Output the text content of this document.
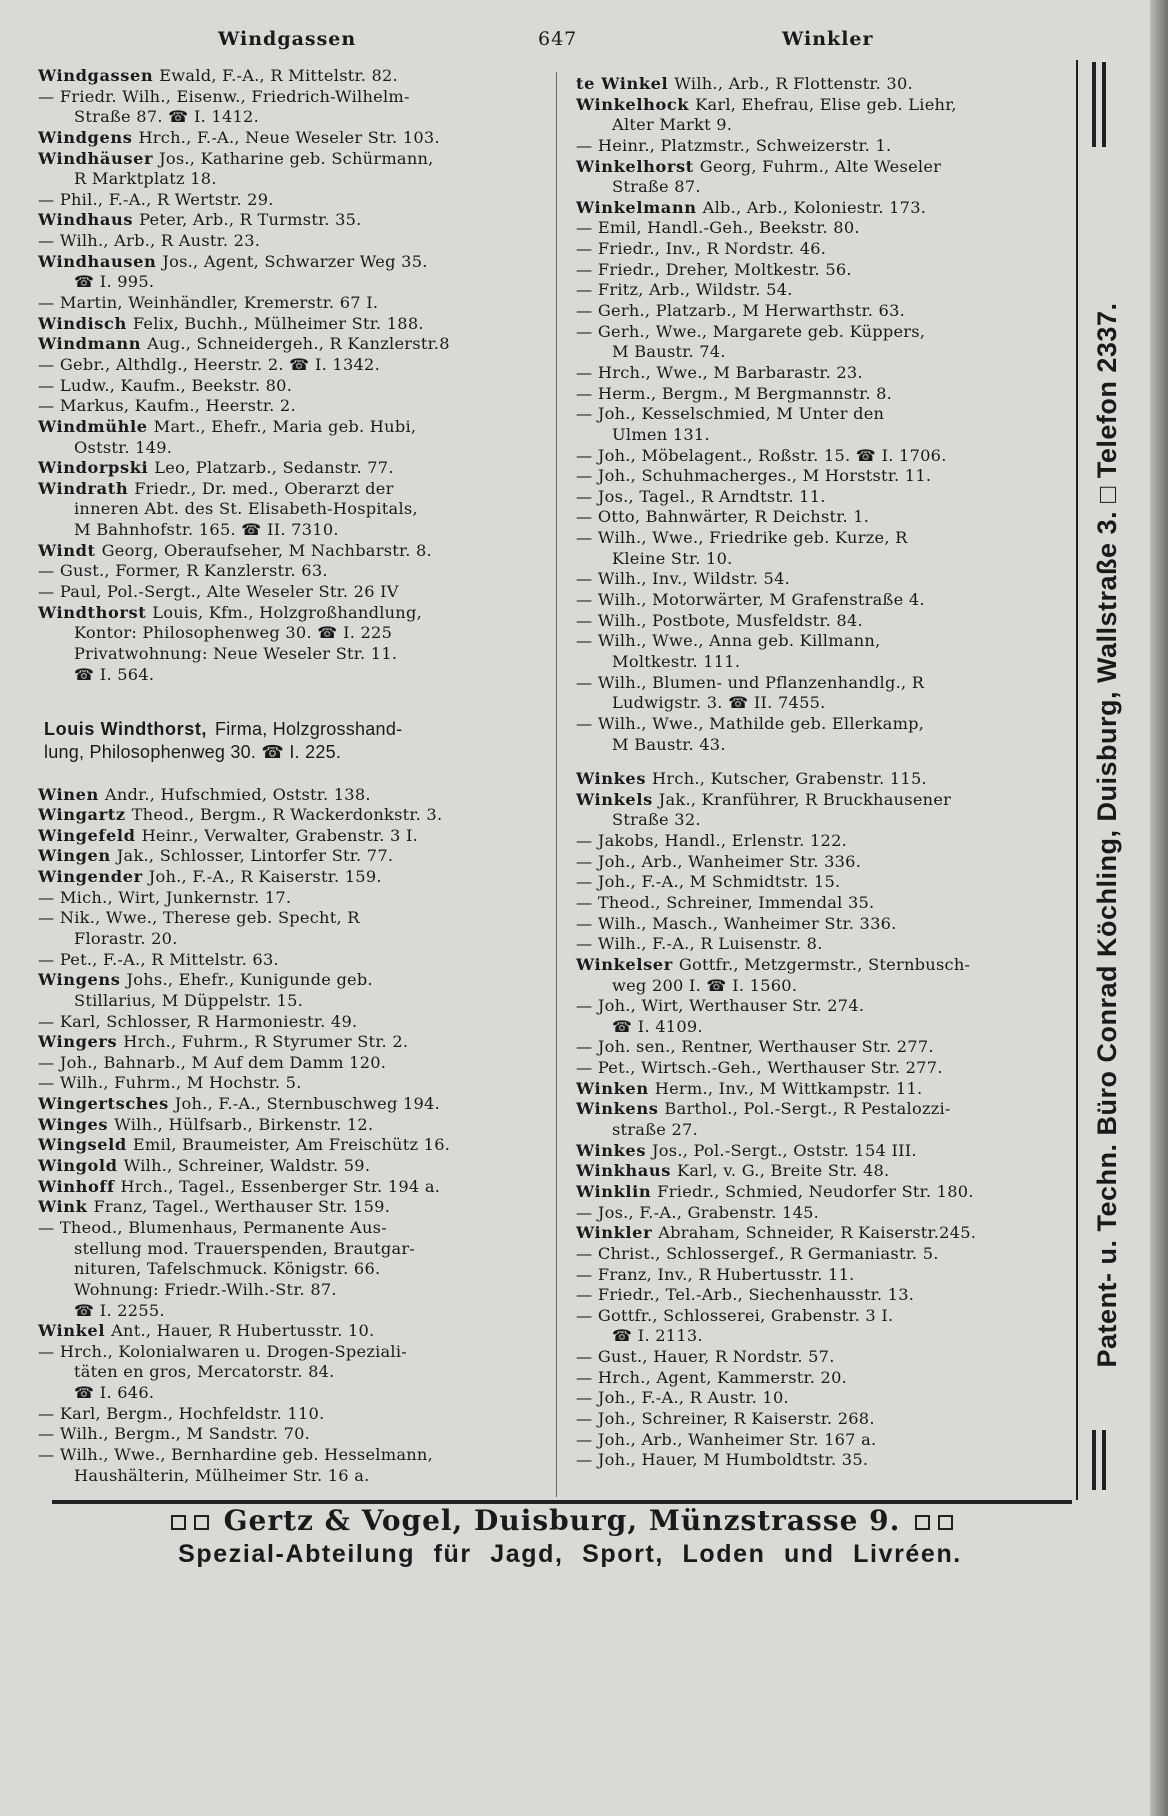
Windgassen	647	Winkler
Windgassen Ewald, F.-A., R Mittelstr. 82.
— Friedr. Wilh., Eisenw., Friedrich-Wilhelm-
Straße 87. ☎ I. 1412.
Windgens Hrch., F.-A., Neue Weseler Str. 103.
Windhäuser Jos., Katharine geb. Schürmann,
R Marktplatz 18.
— Phil., F.-A., R Wertstr. 29.
Windhaus Peter, Arb., R Turmstr. 35.
— Wilh., Arb., R Austr. 23.
Windhausen Jos., Agent, Schwarzer Weg 35.
☎ I. 995.
— Martin, Weinhändler, Kremerstr. 67 I.
Windisch Felix, Buchh., Mülheimer Str. 188.
Windmann Aug., Schneidergeh., R Kanzlerstr.8
— Gebr., Althdlg., Heerstr. 2. ☎ I. 1342.
— Ludw., Kaufm., Beekstr. 80.
— Markus, Kaufm., Heerstr. 2.
Windmühle Mart., Ehefr., Maria geb. Hubi,
Oststr. 149.
Windorpski Leo, Platzarb., Sedanstr. 77.
Windrath Friedr., Dr. med., Oberarzt der
inneren Abt. des St. Elisabeth-Hospitals,
M Bahnhofstr. 165. ☎ II. 7310.
Windt Georg, Oberaufseher, M Nachbarstr. 8.
— Gust., Former, R Kanzlerstr. 63.
— Paul, Pol.-Sergt., Alte Weseler Str. 26 IV
Windthorst Louis, Kfm., Holzgroßhandlung,
Kontor: Philosophenweg 30. ☎ I. 225
Privatwohnung: Neue Weseler Str. 11.
☎ I. 564.
Louis Windthorst, Firma, Holzgrosshand-
lung, Philosophenweg 30. ☎ I. 225.
Winen Andr., Hufschmied, Oststr. 138.
Wingartz Theod., Bergm., R Wackerdonkstr. 3.
Wingefeld Heinr., Verwalter, Grabenstr. 3 I.
Wingen Jak., Schlosser, Lintorfer Str. 77.
Wingender Joh., F.-A., R Kaiserstr. 159.
— Mich., Wirt, Junkernstr. 17.
— Nik., Wwe., Therese geb. Specht, R
Florastr. 20.
— Pet., F.-A., R Mittelstr. 63.
Wingens Johs., Ehefr., Kunigunde geb.
Stillarius, M Düppelstr. 15.
— Karl, Schlosser, R Harmoniestr. 49.
Wingers Hrch., Fuhrm., R Styrumer Str. 2.
— Joh., Bahnarb., M Auf dem Damm 120.
— Wilh., Fuhrm., M Hochstr. 5.
Wingertsches Joh., F.-A., Sternbuschweg 194.
Winges Wilh., Hülfsarb., Birkenstr. 12.
Wingseld Emil, Braumeister, Am Freischütz 16.
Wingold Wilh., Schreiner, Waldstr. 59.
Winhoff Hrch., Tagel., Essenberger Str. 194 a.
Wink Franz, Tagel., Werthauser Str. 159.
— Theod., Blumenhaus, Permanente Aus-
stellung mod. Trauerspenden, Brautgar-
nituren, Tafelschmuck. Königstr. 66.
Wohnung: Friedr.-Wilh.-Str. 87.
☎ I. 2255.
Winkel Ant., Hauer, R Hubertusstr. 10.
— Hrch., Kolonialwaren u. Drogen-Speziali-
täten en gros, Mercatorstr. 84.
☎ I. 646.
— Karl, Bergm., Hochfeldstr. 110.
— Wilh., Bergm., M Sandstr. 70.
— Wilh., Wwe., Bernhardine geb. Hesselmann,
Haushälterin, Mülheimer Str. 16 a.
te Winkel Wilh., Arb., R Flottenstr. 30.
Winkelhock Karl, Ehefrau, Elise geb. Liehr,
Alter Markt 9.
— Heinr., Platzmstr., Schweizerstr. 1.
Winkelhorst Georg, Fuhrm., Alte Weseler
Straße 87.
Winkelmann Alb., Arb., Koloniestr. 173.
— Emil, Handl.-Geh., Beekstr. 80.
— Friedr., Inv., R Nordstr. 46.
— Friedr., Dreher, Moltkestr. 56.
— Fritz, Arb., Wildstr. 54.
— Gerh., Platzarb., M Herwarthstr. 63.
— Gerh., Wwe., Margarete geb. Küppers,
M Baustr. 74.
— Hrch., Wwe., M Barbarastr. 23.
— Herm., Bergm., M Bergmannstr. 8.
— Joh., Kesselschmied, M Unter den
Ulmen 131.
— Joh., Möbelagent., Roßstr. 15. ☎ I. 1706.
— Joh., Schuhmacherges., M Horststr. 11.
— Jos., Tagel., R Arndtstr. 11.
— Otto, Bahnwärter, R Deichstr. 1.
— Wilh., Wwe., Friedrike geb. Kurze, R
Kleine Str. 10.
— Wilh., Inv., Wildstr. 54.
— Wilh., Motorwärter, M Grafenstraße 4.
— Wilh., Postbote, Musfeldstr. 84.
— Wilh., Wwe., Anna geb. Killmann,
Moltkestr. 111.
— Wilh., Blumen- und Pflanzenhandlg., R
Ludwigstr. 3. ☎ II. 7455.
— Wilh., Wwe., Mathilde geb. Ellerkamp,
M Baustr. 43.
Winkes Hrch., Kutscher, Grabenstr. 115.
Winkels Jak., Kranführer, R Bruckhausener
Straße 32.
— Jakobs, Handl., Erlenstr. 122.
— Joh., Arb., Wanheimer Str. 336.
— Joh., F.-A., M Schmidtstr. 15.
— Theod., Schreiner, Immendal 35.
— Wilh., Masch., Wanheimer Str. 336.
— Wilh., F.-A., R Luisenstr. 8.
Winkelser Gottfr., Metzgermstr., Sternbusch-
weg 200 I. ☎ I. 1560.
— Joh., Wirt, Werthauser Str. 274.
☎ I. 4109.
— Joh. sen., Rentner, Werthauser Str. 277.
— Pet., Wirtsch.-Geh., Werthauser Str. 277.
Winken Herm., Inv., M Wittkampstr. 11.
Winkens Barthol., Pol.-Sergt., R Pestalozzi-
straße 27.
Winkes Jos., Pol.-Sergt., Oststr. 154 III.
Winkhaus Karl, v. G., Breite Str. 48.
Winklin Friedr., Schmied, Neudorfer Str. 180.
— Jos., F.-A., Grabenstr. 145.
Winkler Abraham, Schneider, R Kaiserstr.245.
— Christ., Schlossergef., R Germaniastr. 5.
— Franz, Inv., R Hubertusstr. 11.
— Friedr., Tel.-Arb., Siechenhausstr. 13.
— Gottfr., Schlosserei, Grabenstr. 3 I.
☎ I. 2113.
— Gust., Hauer, R Nordstr. 57.
— Hrch., Agent, Kammerstr. 20.
— Joh., F.-A., R Austr. 10.
— Joh., Schreiner, R Kaiserstr. 268.
— Joh., Arb., Wanheimer Str. 167 a.
— Joh., Hauer, M Humboldtstr. 35.
Patent- u. Techn. Büro Conrad Köchling, Duisburg, Wallstraße 3. □ Telefon 2337.
Gertz & Vogel, Duisburg, Münzstrasse 9.
Spezial-Abteilung für Jagd, Sport, Loden und Livréen.
